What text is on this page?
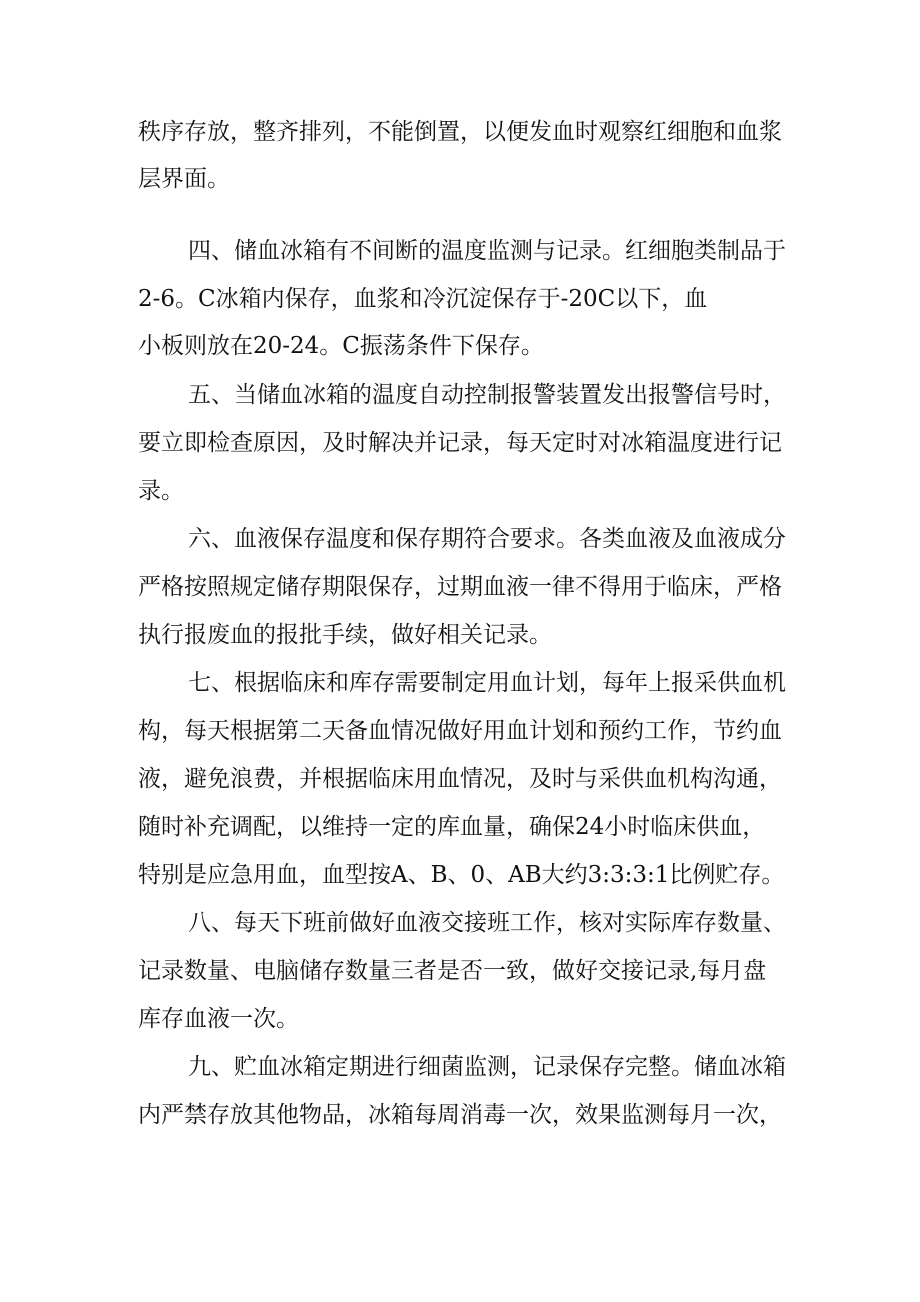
秩序存放，整齐排列，不能倒置，以便发血时观察红细胞和血浆

层界面。

四、储血冰箱有不间断的温度监测与记录。红细胞类制品于

2-6。C冰箱内保存，血浆和冷沉淀保存于-20C以下，血

小板则放在20-24。C振荡条件下保存。

五、当储血冰箱的温度自动控制报警装置发出报警信号时，

要立即检查原因，及时解决并记录，每天定时对冰箱温度进行记

录。

六、血液保存温度和保存期符合要求。各类血液及血液成分

严格按照规定储存期限保存，过期血液一律不得用于临床，严格

执行报废血的报批手续，做好相关记录。

七、根据临床和库存需要制定用血计划，每年上报采供血机

构，每天根据第二天备血情况做好用血计划和预约工作，节约血

液，避免浪费，并根据临床用血情况，及时与采供血机构沟通，

随时补充调配，以维持一定的库血量，确保24小时临床供血，

特别是应急用血，血型按A、B、0、AB大约3:3:3:1比例贮存。

八、每天下班前做好血液交接班工作，核对实际库存数量、

记录数量、电脑储存数量三者是否一致，做好交接记录,每月盘

库存血液一次。

九、贮血冰箱定期进行细菌监测，记录保存完整。储血冰箱

内严禁存放其他物品，冰箱每周消毒一次，效果监测每月一次，
